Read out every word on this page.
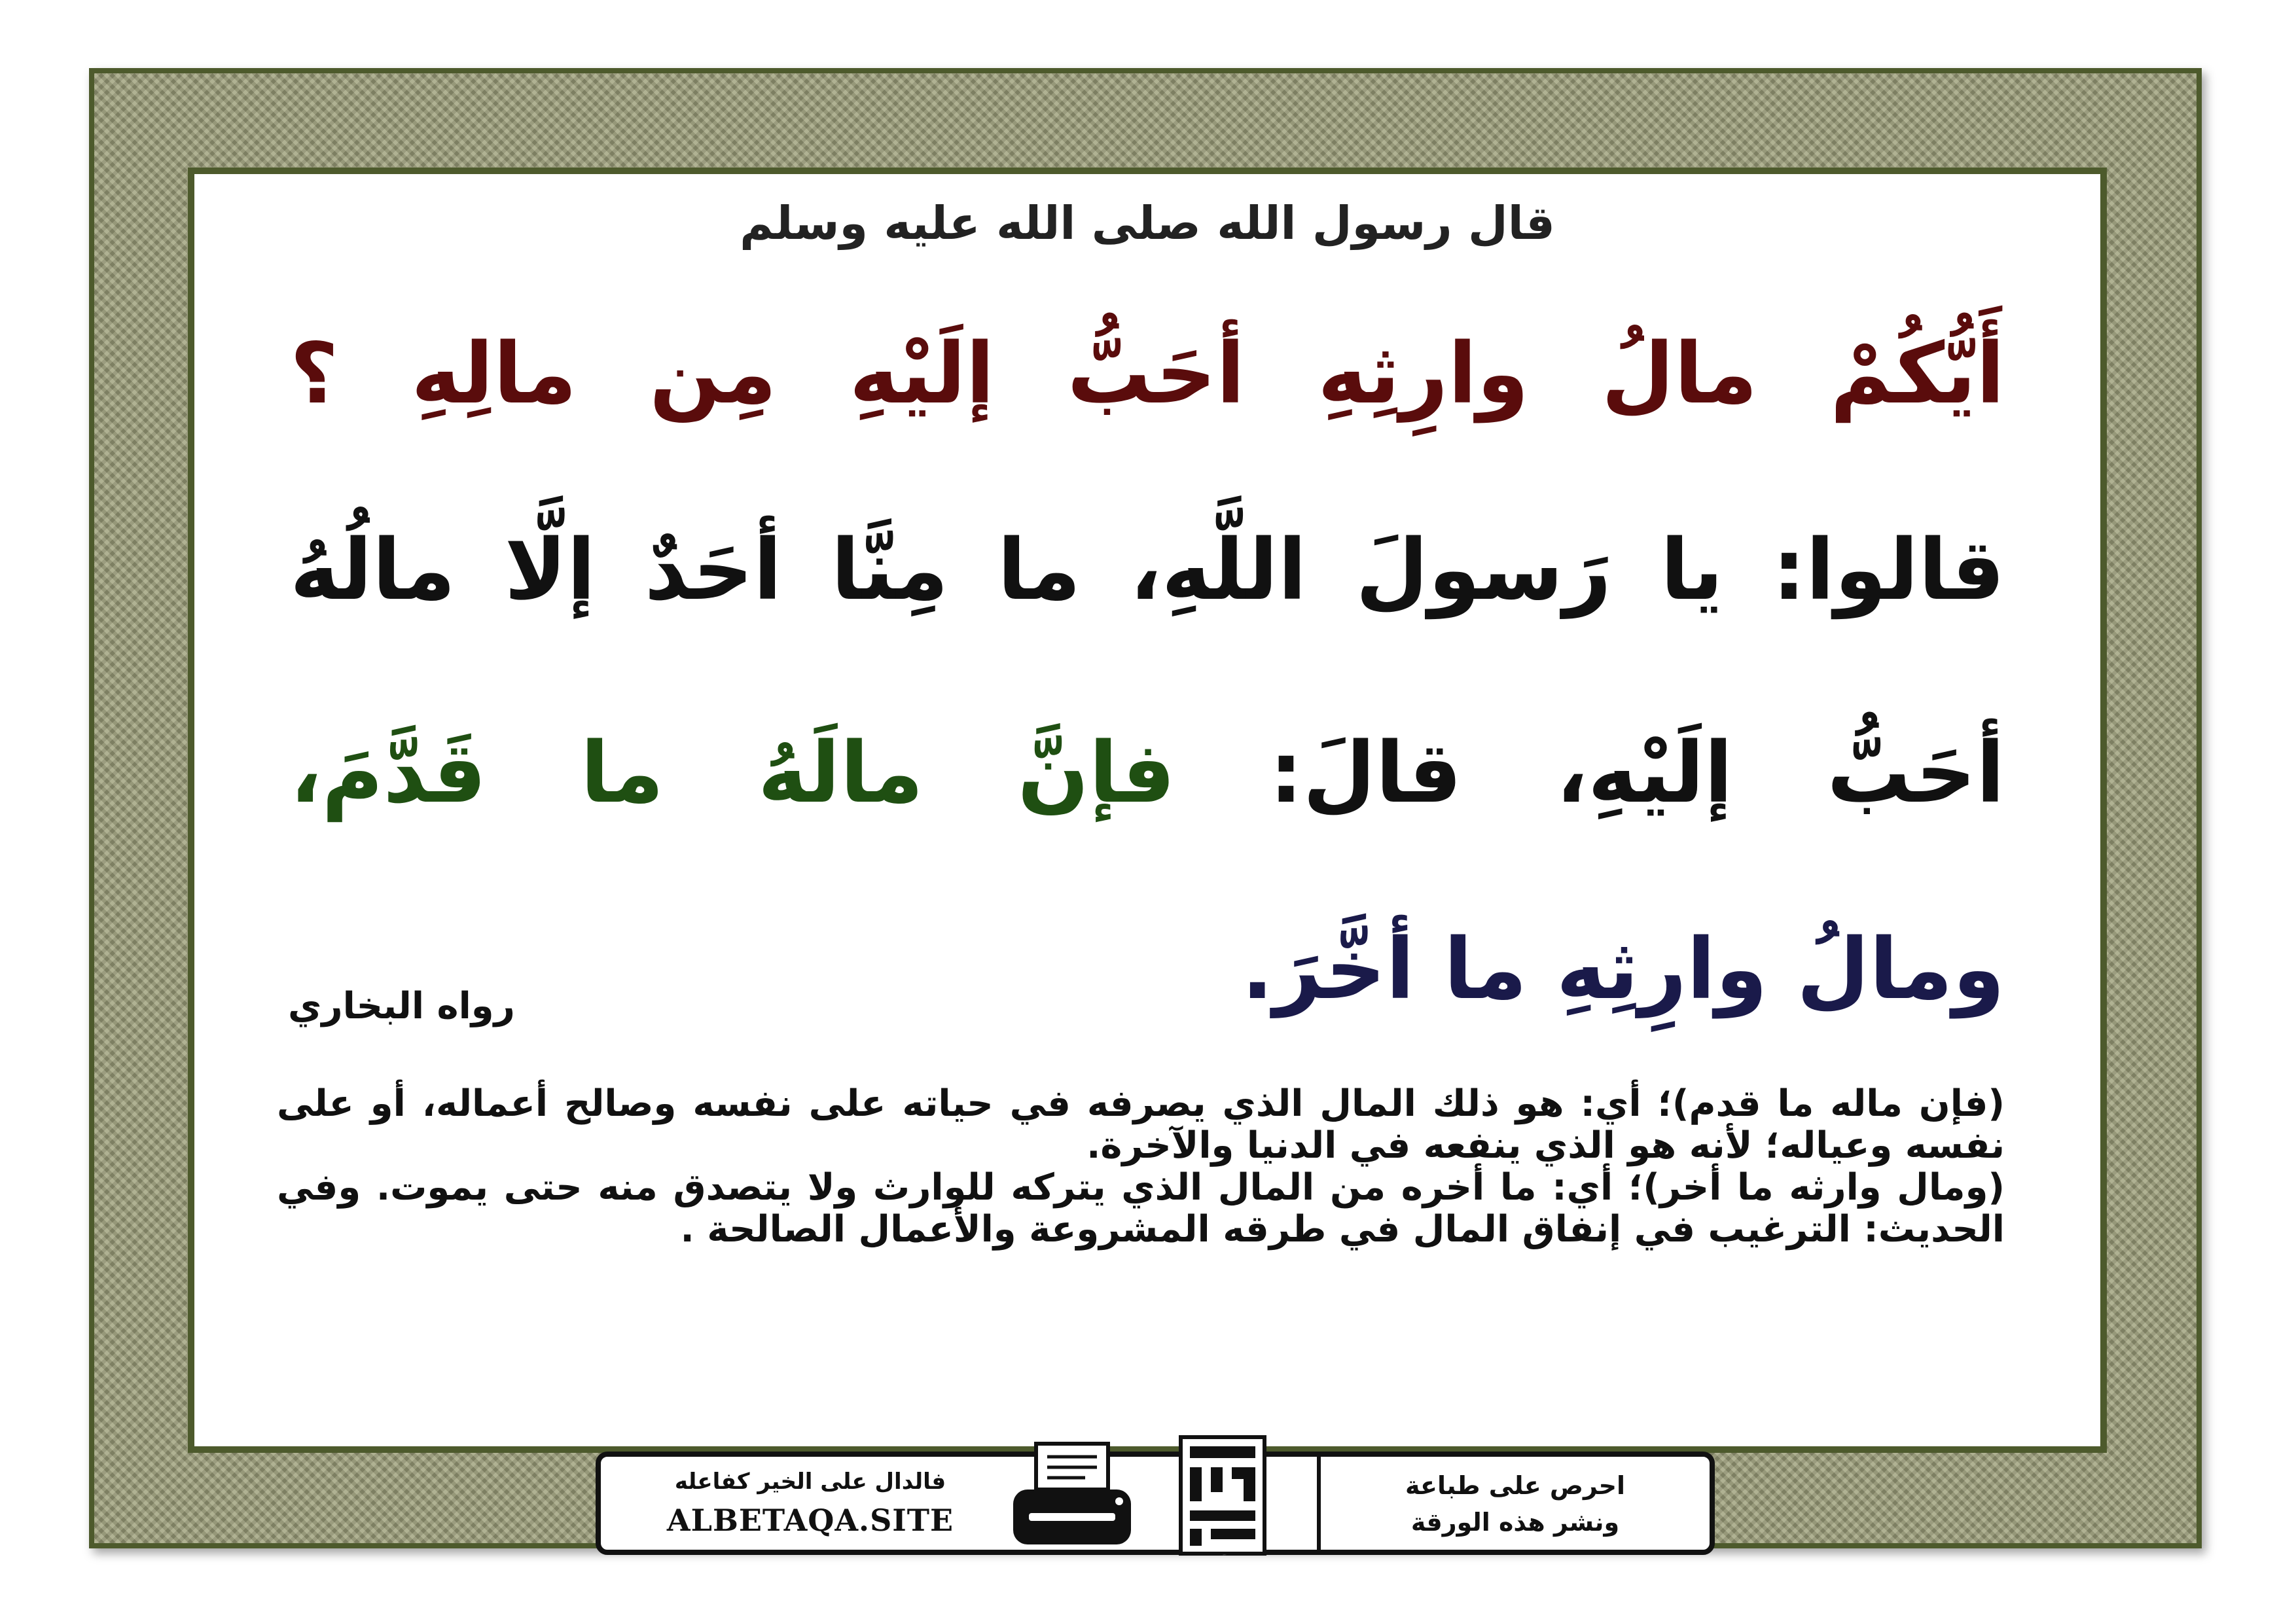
قال رسول الله صلى الله عليه وسلم
أَيُّكُمْ مالُ وارِثِهِ أحَبُّ إلَيْهِ مِن مالِهِ ؟
قالوا: يا رَسولَ اللَّهِ، ما مِنَّا أحَدٌ إلَّا مالُهُ
أحَبُّ إلَيْهِ، قالَ: فإنَّ مالَهُ ما قَدَّمَ،
ومالُ وارِثِهِ ما أخَّرَ.
رواه البخاري

(فإن ماله ما قدم)؛ أي: هو ذلك المال الذي يصرفه في حياته على نفسه وصالح أعماله، أو على نفسه وعياله؛ لأنه هو الذي ينفعه في الدنيا والآخرة.

(ومال وارثه ما أخر)؛ أي: ما أخره من المال الذي يتركه للوارث ولا يتصدق منه حتى يموت. وفي الحديث: الترغيب في إنفاق المال في طرقه المشروعة والأعمال الصالحة .

فالدال على الخير كفاعله
ALBETAQA.SITE
دعوتة الورقة
احرص على طباعة
ونشر هذه الورقة
